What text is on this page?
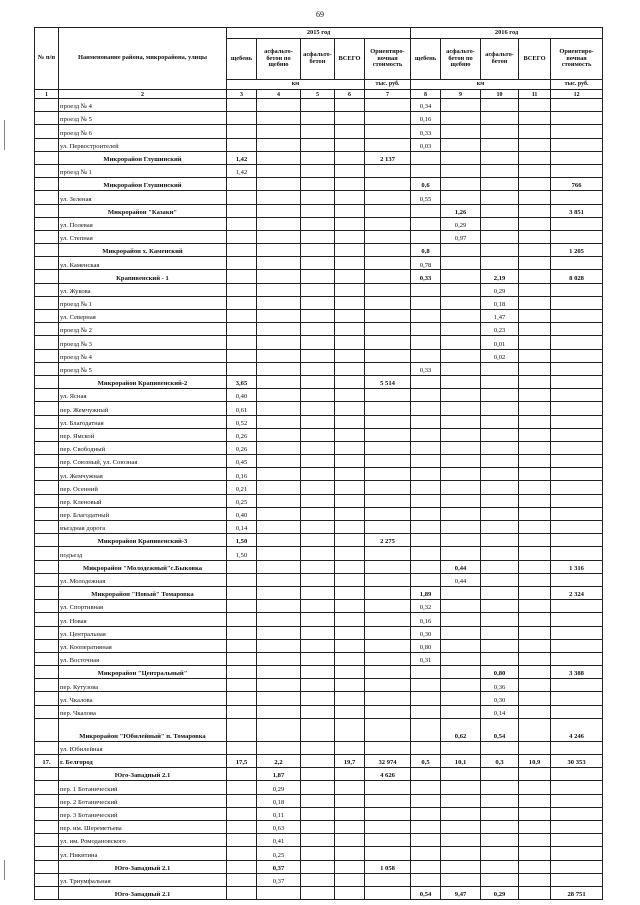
69
№ п/п	Наименование района, микрорайона, улицы	2015 год					2016 год				
		щебень	асфальто-бетон по щебню	асфальто-бетон	ВСЕГО	Ориентиро-вочная стоимость	щебень	асфальто-бетон по щебню	асфальто-бетон	ВСЕГО	Ориентиро-вочная стоимость
		км				тыс. руб.	км				тыс. руб.
1	2	3	4	5	6	7	8	9	10	11	12
	проезд № 4						0,34				
	проезд № 5						0,16				
	проезд № 6						0,33				
	ул. Первостроителей						0,03				
	Микрорайон Глушинский	1,42				2 137					
	проезд № 1	1,42									
	Микрорайон Глушинский						0,6				766
	ул. Зеленая						0,55				
	Микрорайон "Казаки"							1,26			3 851
	ул. Полевая							0,29			
	ул. Степная							0,97			
	Микрорайон х. Каменский						0,8				1 205
	ул. Каменская						0,78				
	Крапивенский - 1						0,33		2,19		8 028
	ул. Жукова								0,29		
	проезд № 1								0,18		
	ул. Северная								1,47		
	проезд № 2								0,23		
	проезд № 3								0,01		
	проезд № 4								0,02		
	проезд № 5						0,33				
	Микрорайон Крапивенский-2	3,65				5 514					
	ул. Ясная	0,40									
	пер. Жемчужный	0,61									
	ул. Благодатная	0,52									
	пер. Ямской	0,26									
	пер. Свободный	0,26									
	пер. Союзный, ул. Союзная	0,45									
	ул. Жемчужная	0,16									
	пер. Осенний	0,21									
	пер. Кленовый	0,25									
	пер. Благодатный	0,40									
	въездная дорога	0,14									
	Микрорайон Крапивенский-3	1,50				2 275					
	подъезд	1,50									
	Микрорайон "Молодежный"с.Быковка							0,44			1 316
	ул. Молодежная							0,44			
	Микрорайон "Новый" Томаровка						1,89				2 324
	ул. Спортивная						0,32				
	ул. Новая						0,16				
	ул. Центральная						0,30				
	ул. Кооперативная						0,80				
	ул. Восточная						0,31				
	Микрорайон "Центральный"								0,80		3 388
	пер. Кутузова								0,36		
	ул. Чкалова								0,30		
	пер. Чкалова								0,14		
	Микрорайон "Юбилейный" п. Томаровка							0,62	0,54		4 246
	ул. Юбилейная										
17.	г. Белгород	17,5	2,2		19,7	32 974	0,5	10,1	0,3	10,9	30 353
	Юго-Западный 2.1		1,87			4 626					
	пер. 1 Ботанический		0,29								
	пер. 2 Ботанический		0,18								
	пер. 3 Ботанический		0,11								
	пер. им. Шереметьева		0,63								
	ул. им. Ромодановского		0,41								
	ул. Никитина		0,25								
	Юго-Западный 2.1		0,37			1 058					
	ул. Триумфальная		0,37								
	Юго-Западный 2.1						0,54	9,47	0,29		28 751
